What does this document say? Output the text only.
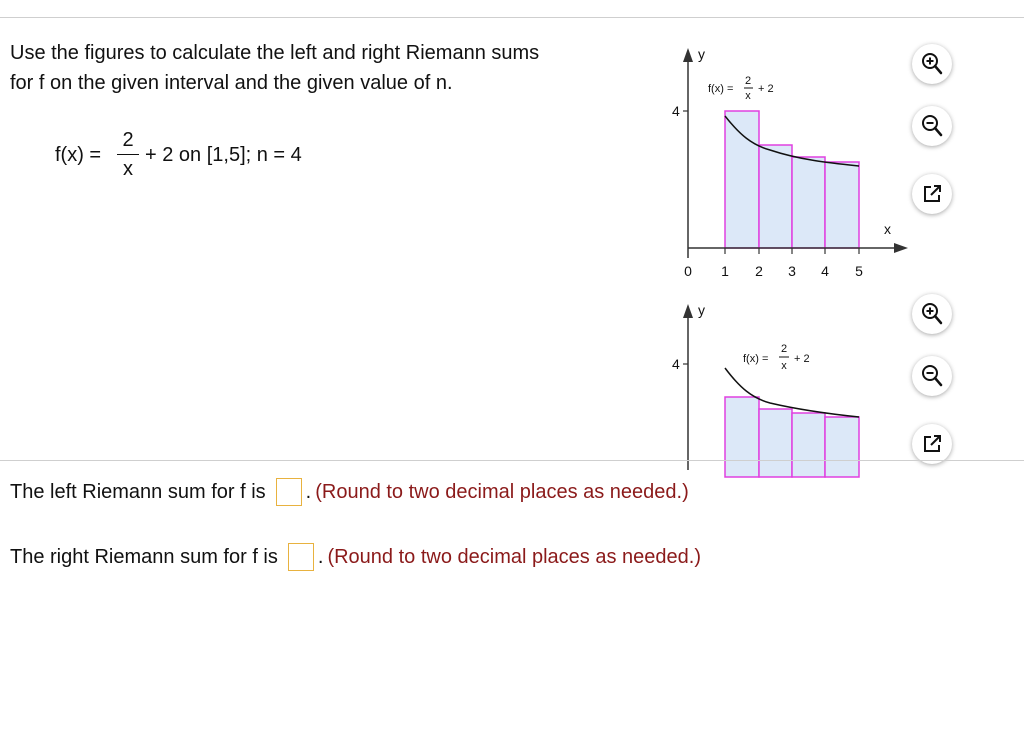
Use the figures to calculate the left and right Riemann sums
for f on the given interval and the given value of n.
f(x) =
2
x
+ 2 on [1,5]; n = 4
y
x
4
0 1 2 3 4 5
f(x) =
2
x
+ 2
y
4	f(x) =
2
x
+ 2
The left Riemann sum for f is . (Round to two decimal places as needed.)
The right Riemann sum for f is . (Round to two decimal places as needed.)
